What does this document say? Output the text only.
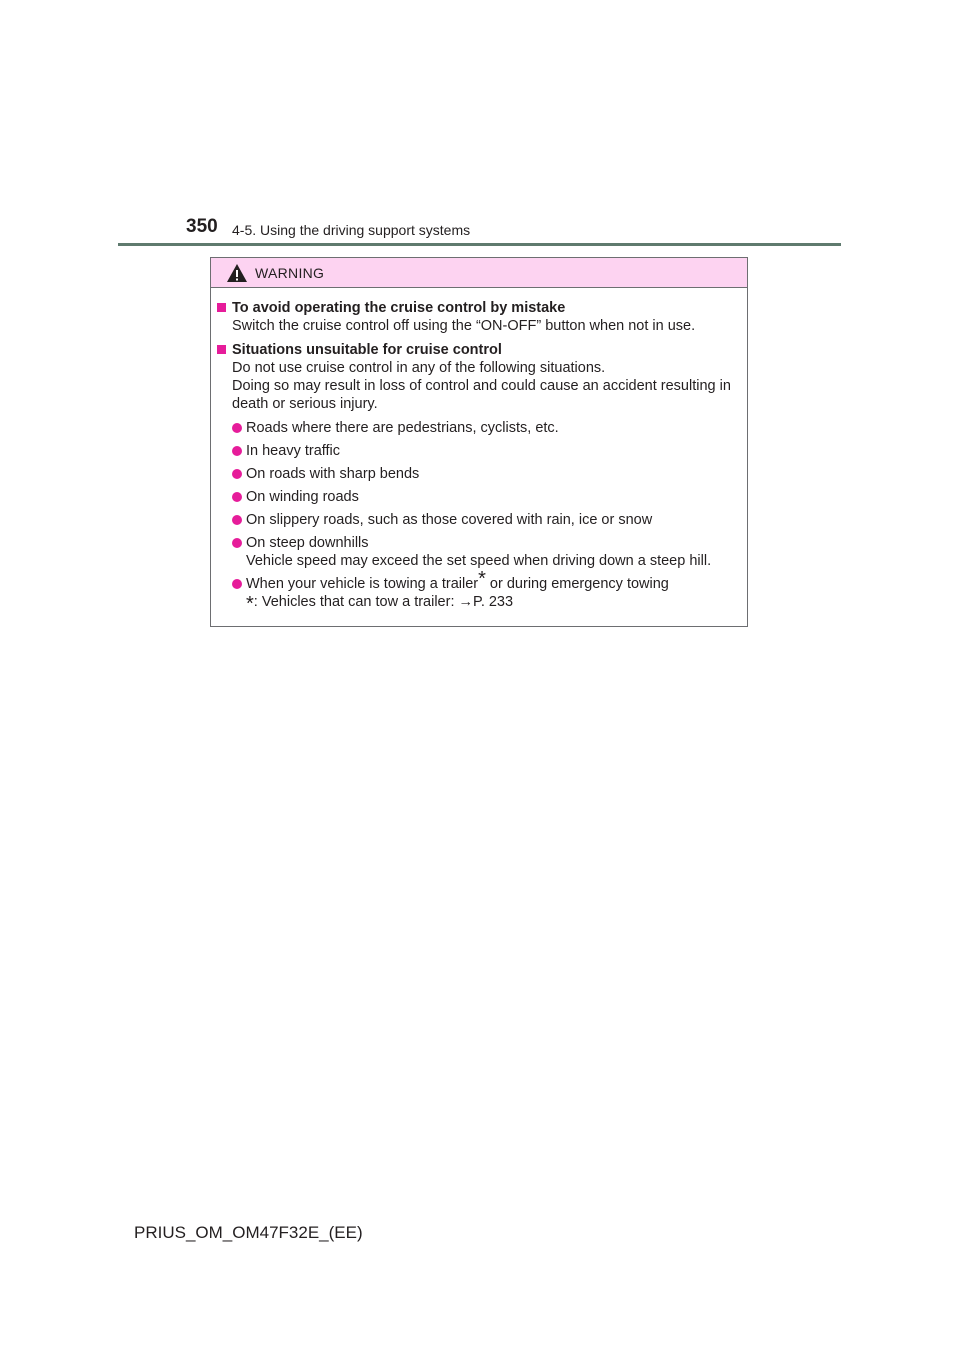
350 4-5. Using the driving support systems
WARNING

To avoid operating the cruise control by mistake

Switch the cruise control off using the “ON-OFF” button when not in use.

Situations unsuitable for cruise control

Do not use cruise control in any of the following situations.

Doing so may result in loss of control and could cause an accident resulting in death or serious injury.

Roads where there are pedestrians, cyclists, etc.

In heavy traffic

On roads with sharp bends

On winding roads

On slippery roads, such as those covered with rain, ice or snow

On steep downhills

Vehicle speed may exceed the set speed when driving down a steep hill.

When your vehicle is towing a trailer* or during emergency towing

*: Vehicles that can tow a trailer: →P. 233

PRIUS_OM_OM47F32E_(EE)
